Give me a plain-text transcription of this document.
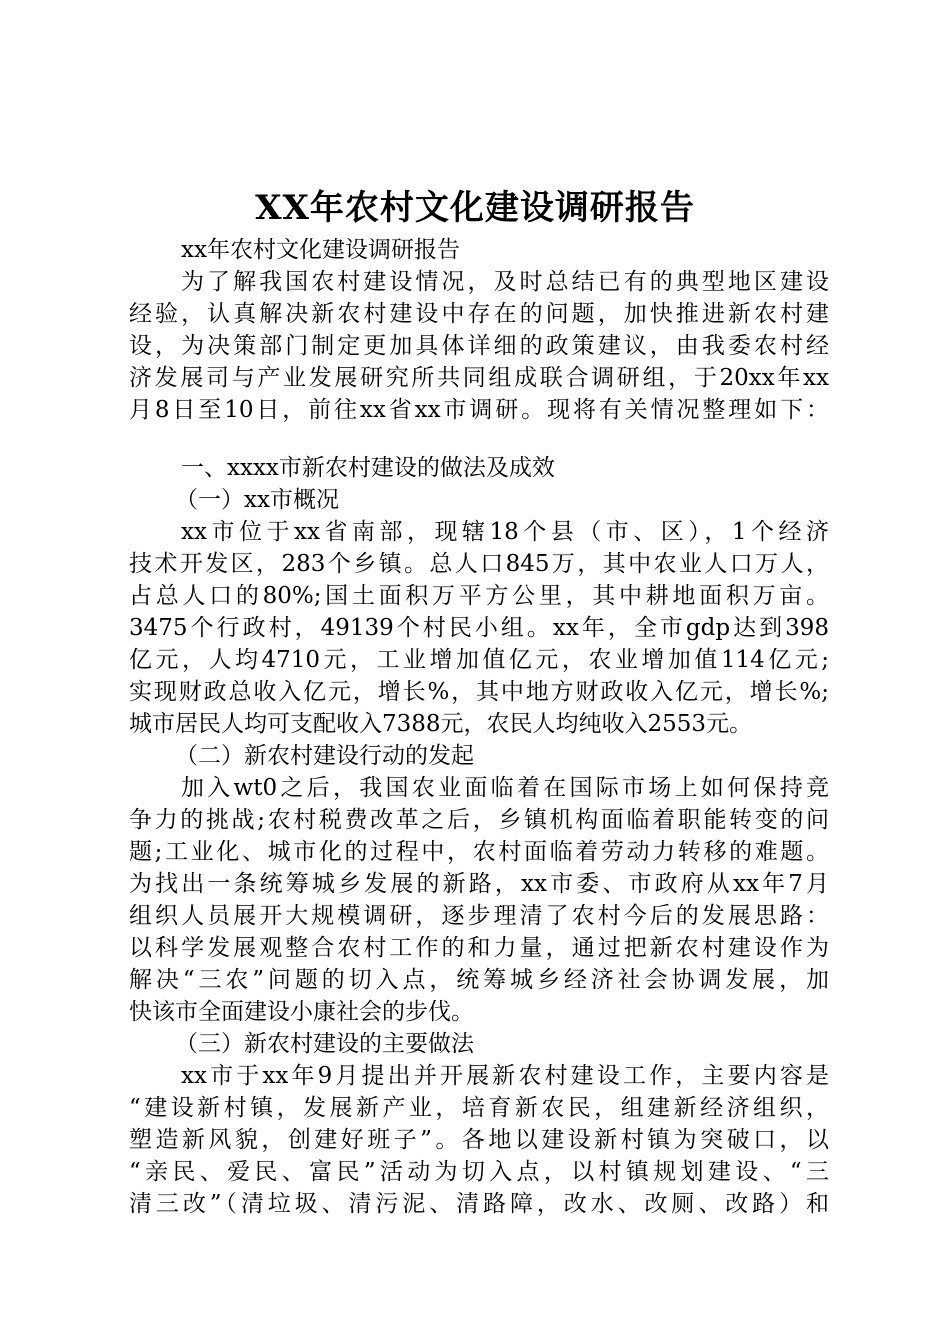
XX年农村文化建设调研报告
xx年农村文化建设调研报告
为了解我国农村建设情况，及时总结已有的典型地区建设
经验，认真解决新农村建设中存在的问题，加快推进新农村建
设，为决策部门制定更加具体详细的政策建议，由我委农村经
济发展司与产业发展研究所共同组成联合调研组，于20xx年xx
月8日至10日，前往xx省xx市调研。现将有关情况整理如下：
一、xxxx市新农村建设的做法及成效
（一）xx市概况
xx市位于xx省南部，现辖18个县（市、区），1个经济
技术开发区，283个乡镇。总人口845万，其中农业人口万人，
占总人口的80%;国土面积万平方公里，其中耕地面积万亩。
3475个行政村，49139个村民小组。xx年，全市gdp达到398
亿元，人均4710元，工业增加值亿元，农业增加值114亿元;
实现财政总收入亿元，增长%，其中地方财政收入亿元，增长%;
城市居民人均可支配收入7388元，农民人均纯收入2553元。
（二）新农村建设行动的发起
加入wt0之后，我国农业面临着在国际市场上如何保持竞
争力的挑战;农村税费改革之后，乡镇机构面临着职能转变的问
题;工业化、城市化的过程中，农村面临着劳动力转移的难题。
为找出一条统筹城乡发展的新路，xx市委、市政府从xx年7月
组织人员展开大规模调研，逐步理清了农村今后的发展思路：
以科学发展观整合农村工作的和力量，通过把新农村建设作为
解决“三农”问题的切入点，统筹城乡经济社会协调发展，加
快该市全面建设小康社会的步伐。
（三）新农村建设的主要做法
xx市于xx年9月提出并开展新农村建设工作，主要内容是
“建设新村镇，发展新产业，培育新农民，组建新经济组织，
塑造新风貌，创建好班子”。各地以建设新村镇为突破口，以
“亲民、爱民、富民”活动为切入点，以村镇规划建设、“三
清三改”（清垃圾、清污泥、清路障，改水、改厕、改路）和
